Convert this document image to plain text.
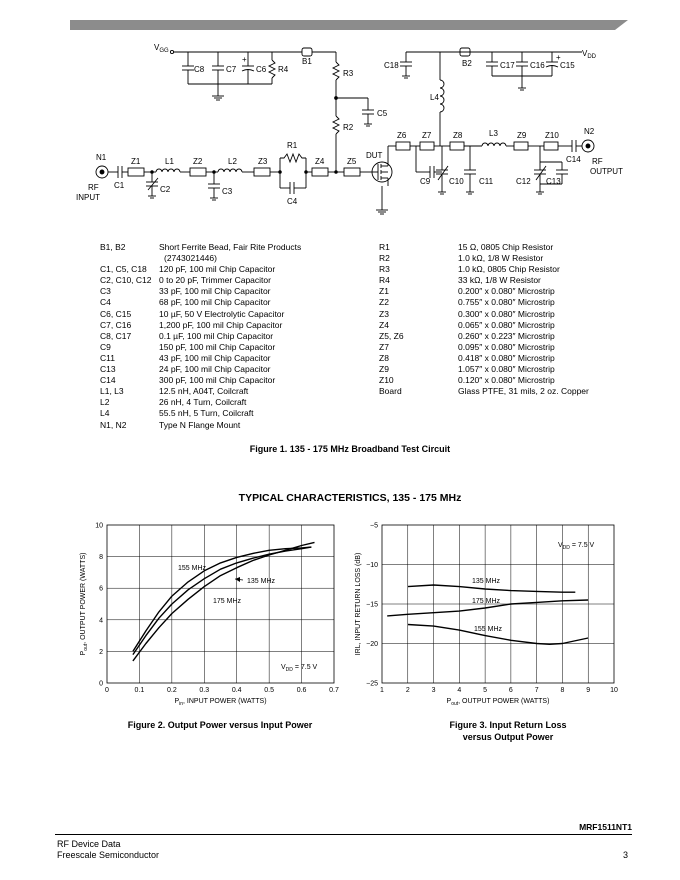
$V_{GG}$
C8	C7
+
C6 R4
B1
R3
C5
R2
C18	B2	C17 C16
+
C15
$V_{DD}$
L4
Z6 Z7	Z8	L3 Z9 Z10	N2
C14 RF
OUTPUT
DUT
C9 C10 C11	C12 C13
N1	Z1	L1 Z2	L2	Z3
R1
Z4	Z5
RF
INPUT
C1	C2	C3
C4
B1, B2	Short Ferrite Bead, Fair Rite Products
(2743021446)
C1, C5, C18	120 pF, 100 mil Chip Capacitor
C2, C10, C12 0 to 20 pF, Trimmer Capacitor
C3	33 pF, 100 mil Chip Capacitor
C4	68 pF, 100 mil Chip Capacitor
C6, C15	10 µF, 50 V Electrolytic Capacitor
C7, C16	1,200 pF, 100 mil Chip Capacitor
C8, C17	0.1 µF, 100 mil Chip Capacitor
C9	150 pF, 100 mil Chip Capacitor
C11	43 pF, 100 mil Chip Capacitor
C13	24 pF, 100 mil Chip Capacitor
C14	300 pF, 100 mil Chip Capacitor
L1, L3	12.5 nH, A04T, Coilcraft
L2	26 nH, 4 Turn, Coilcraft
L4	55.5 nH, 5 Turn, Coilcraft
N1, N2	Type N Flange Mount
R1	15 Ω, 0805 Chip Resistor
R2	1.0 kΩ, 1/8 W Resistor
R3	1.0 kΩ, 0805 Chip Resistor
R4	33 kΩ, 1/8 W Resistor
Z1	0.200″ x 0.080″ Microstrip
Z2	0.755″ x 0.080″ Microstrip
Z3	0.300″ x 0.080″ Microstrip
Z4	0.065″ x 0.080″ Microstrip
Z5, Z6	0.260″ x 0.223″ Microstrip
Z7	0.095″ x 0.080″ Microstrip
Z8	0.418″ x 0.080″ Microstrip
Z9	1.057″ x 0.080″ Microstrip
Z10	0.120″ x 0.080″ Microstrip
Board	Glass PTFE, 31 mils, 2 oz. Copper
Figure 1. 135 - 175 MHz Broadband Test Circuit
TYPICAL CHARACTERISTICS, 135 - 175 MHz
0	0.1	0.2	0.3	0.4	0.5	0.6	0.7
0
2
4
6
8
10
155 MHz
135 MHz
175 MHz
$P_{in}$, INPUT POWER (WATTS)
$P_{out}$, OUTPUT POWER (WATTS)
$V_{DD} = 7.5$ V
1	2	3	4	5	6	7	8	9	10
−25
−20
−15
−10
−5
135 MHz
175 MHz
155 MHz
$P_{out}$, OUTPUT POWER (WATTS)
IRL, INPUT RETURN LOSS (dB)
$V_{DD} = 7.5$ V
Figure 2. Output Power versus Input Power	Figure 3. Input Return Loss
versus Output Power
MRF1511NT1
RF Device Data
Freescale Semiconductor	3
